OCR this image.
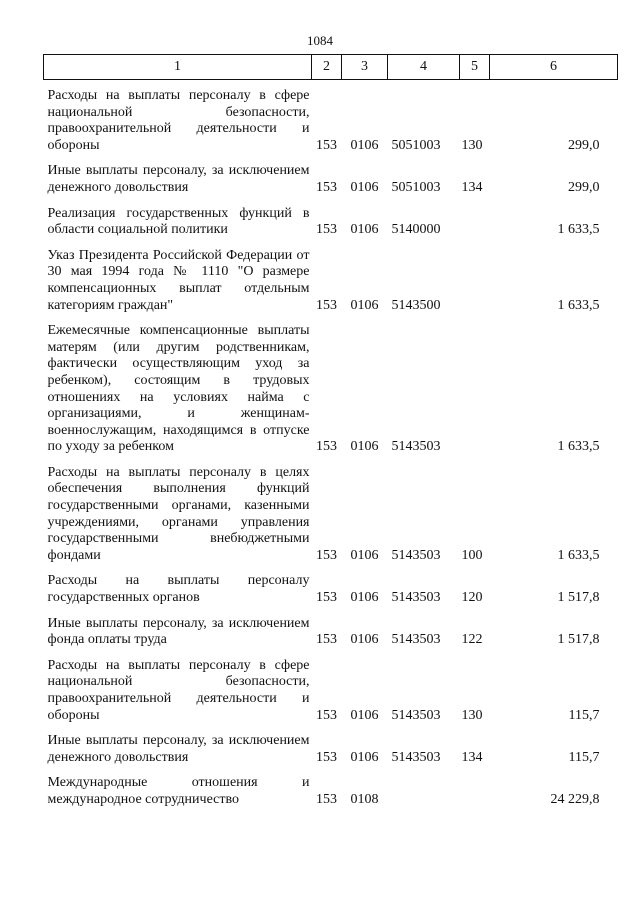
1084
1	2	3	4	5	6
Расходы на выплаты персоналу в сфере национальной безопасности, правоохранительной деятельности и обороны	153	0106	5051003	130	299,0
Иные выплаты персоналу, за исключением денежного довольствия	153	0106	5051003	134	299,0
Реализация государственных функций в области социальной политики	153	0106	5140000		1 633,5
Указ Президента Российской Федерации от 30 мая 1994 года № 1110 "О размере компенсационных выплат отдельным категориям граждан"	153	0106	5143500		1 633,5
Ежемесячные компенсационные выплаты матерям (или другим родственникам, фактически осуществляющим уход за ребенком), состоящим в трудовых отношениях на условиях найма с организациями, и женщинам-военнослужащим, находящимся в отпуске по уходу за ребенком	153	0106	5143503		1 633,5
Расходы на выплаты персоналу в целях обеспечения выполнения функций государственными органами, казенными учреждениями, органами управления государственными внебюджетными фондами	153	0106	5143503	100	1 633,5
Расходы на выплаты персоналу государственных органов	153	0106	5143503	120	1 517,8
Иные выплаты персоналу, за исключением фонда оплаты труда	153	0106	5143503	122	1 517,8
Расходы на выплаты персоналу в сфере национальной безопасности, правоохранительной деятельности и обороны	153	0106	5143503	130	115,7
Иные выплаты персоналу, за исключением денежного довольствия	153	0106	5143503	134	115,7
Международные отношения и международное сотрудничество	153	0108			24 229,8
